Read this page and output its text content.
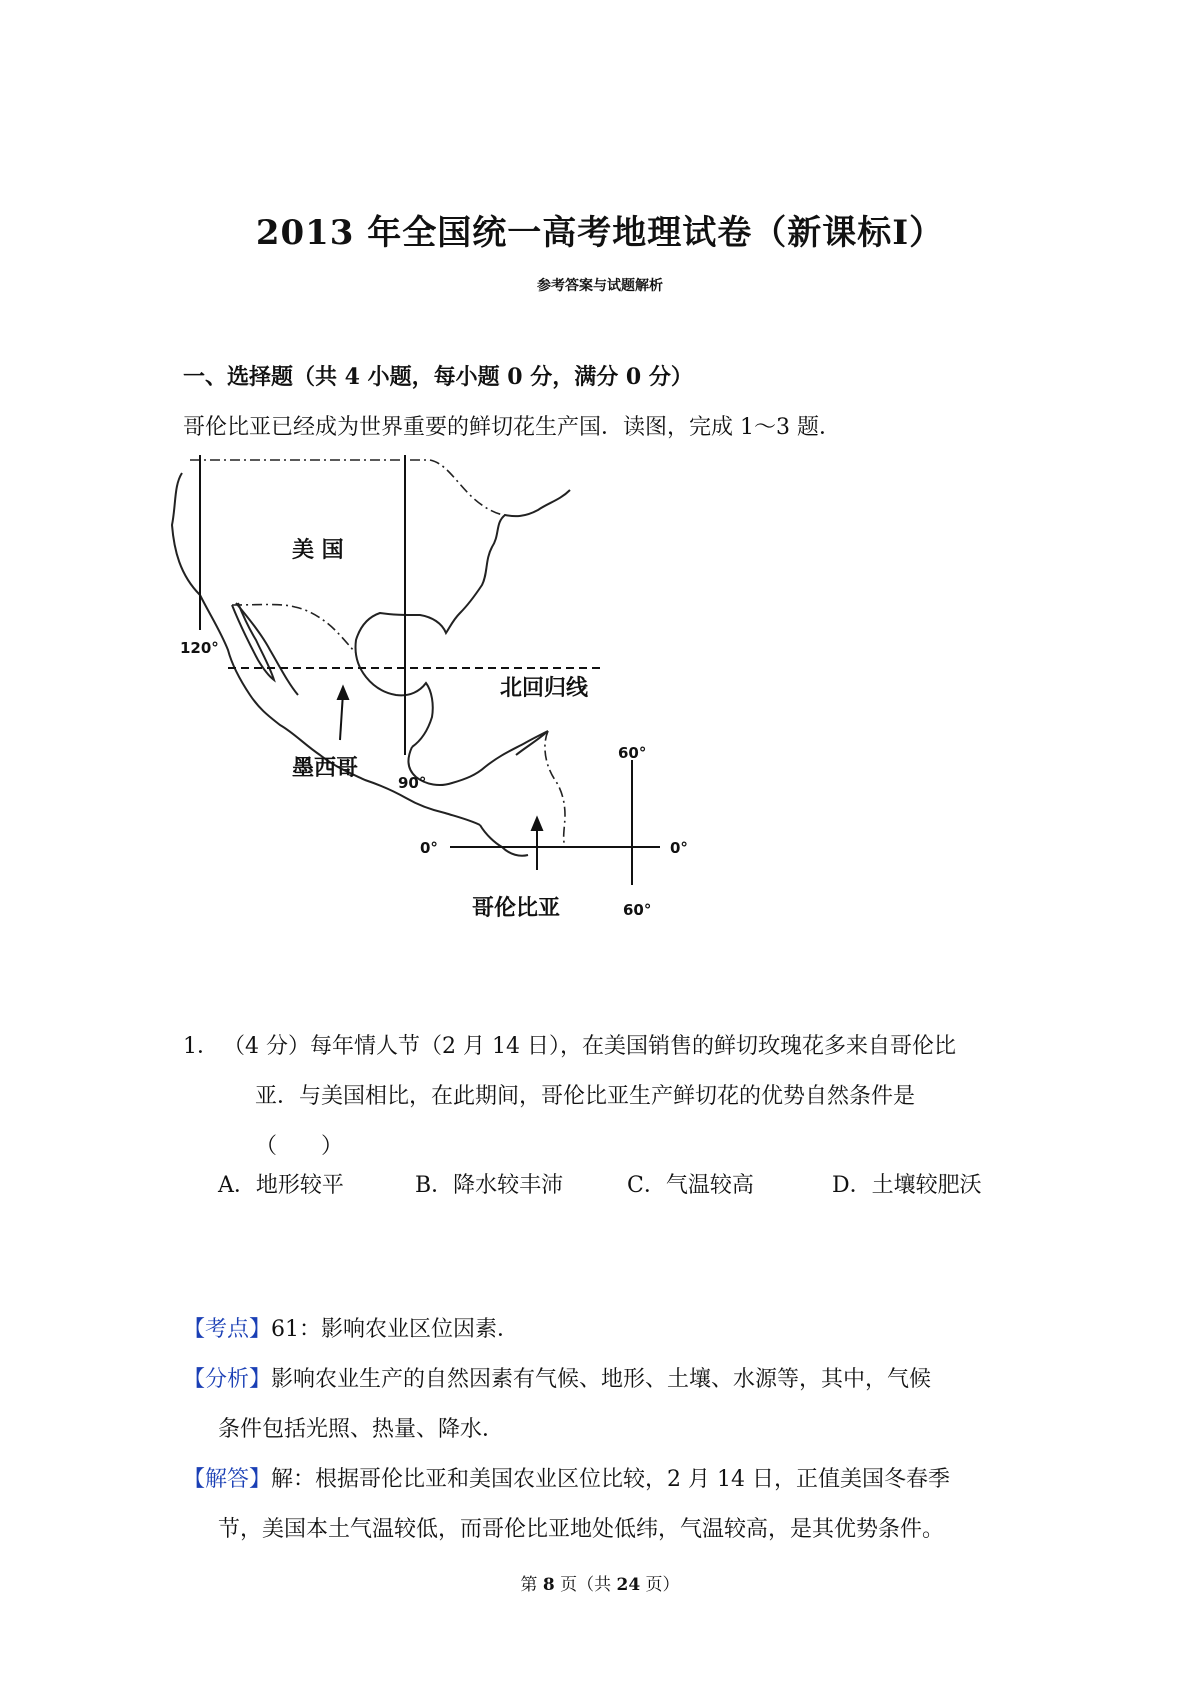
2013 年全国统一高考地理试卷（新课标I）
参考答案与试题解析
一、选择题（共 4 小题，每小题 0 分，满分 0 分）
哥伦比亚已经成为世界重要的鲜切花生产国．读图，完成 1～3 题．
120°
90°
60°
60°
0°	0°
美 国
北回归线
墨西哥
哥伦比亚
1． （4 分）每年情人节（2 月 14 日），在美国销售的鲜切玫瑰花多来自哥伦比
亚．与美国相比，在此期间，哥伦比亚生产鲜切花的优势自然条件是
（　　）
A．地形较平	B．降水较丰沛	C．气温较高	D．土壤较肥沃
【考点】61：影响农业区位因素．
【分析】影响农业生产的自然因素有气候、地形、土壤、水源等，其中，气候
条件包括光照、热量、降水．
【解答】解：根据哥伦比亚和美国农业区位比较，2 月 14 日，正值美国冬春季
节，美国本土气温较低，而哥伦比亚地处低纬，气温较高，是其优势条件。
第 8 页（共 24 页）
